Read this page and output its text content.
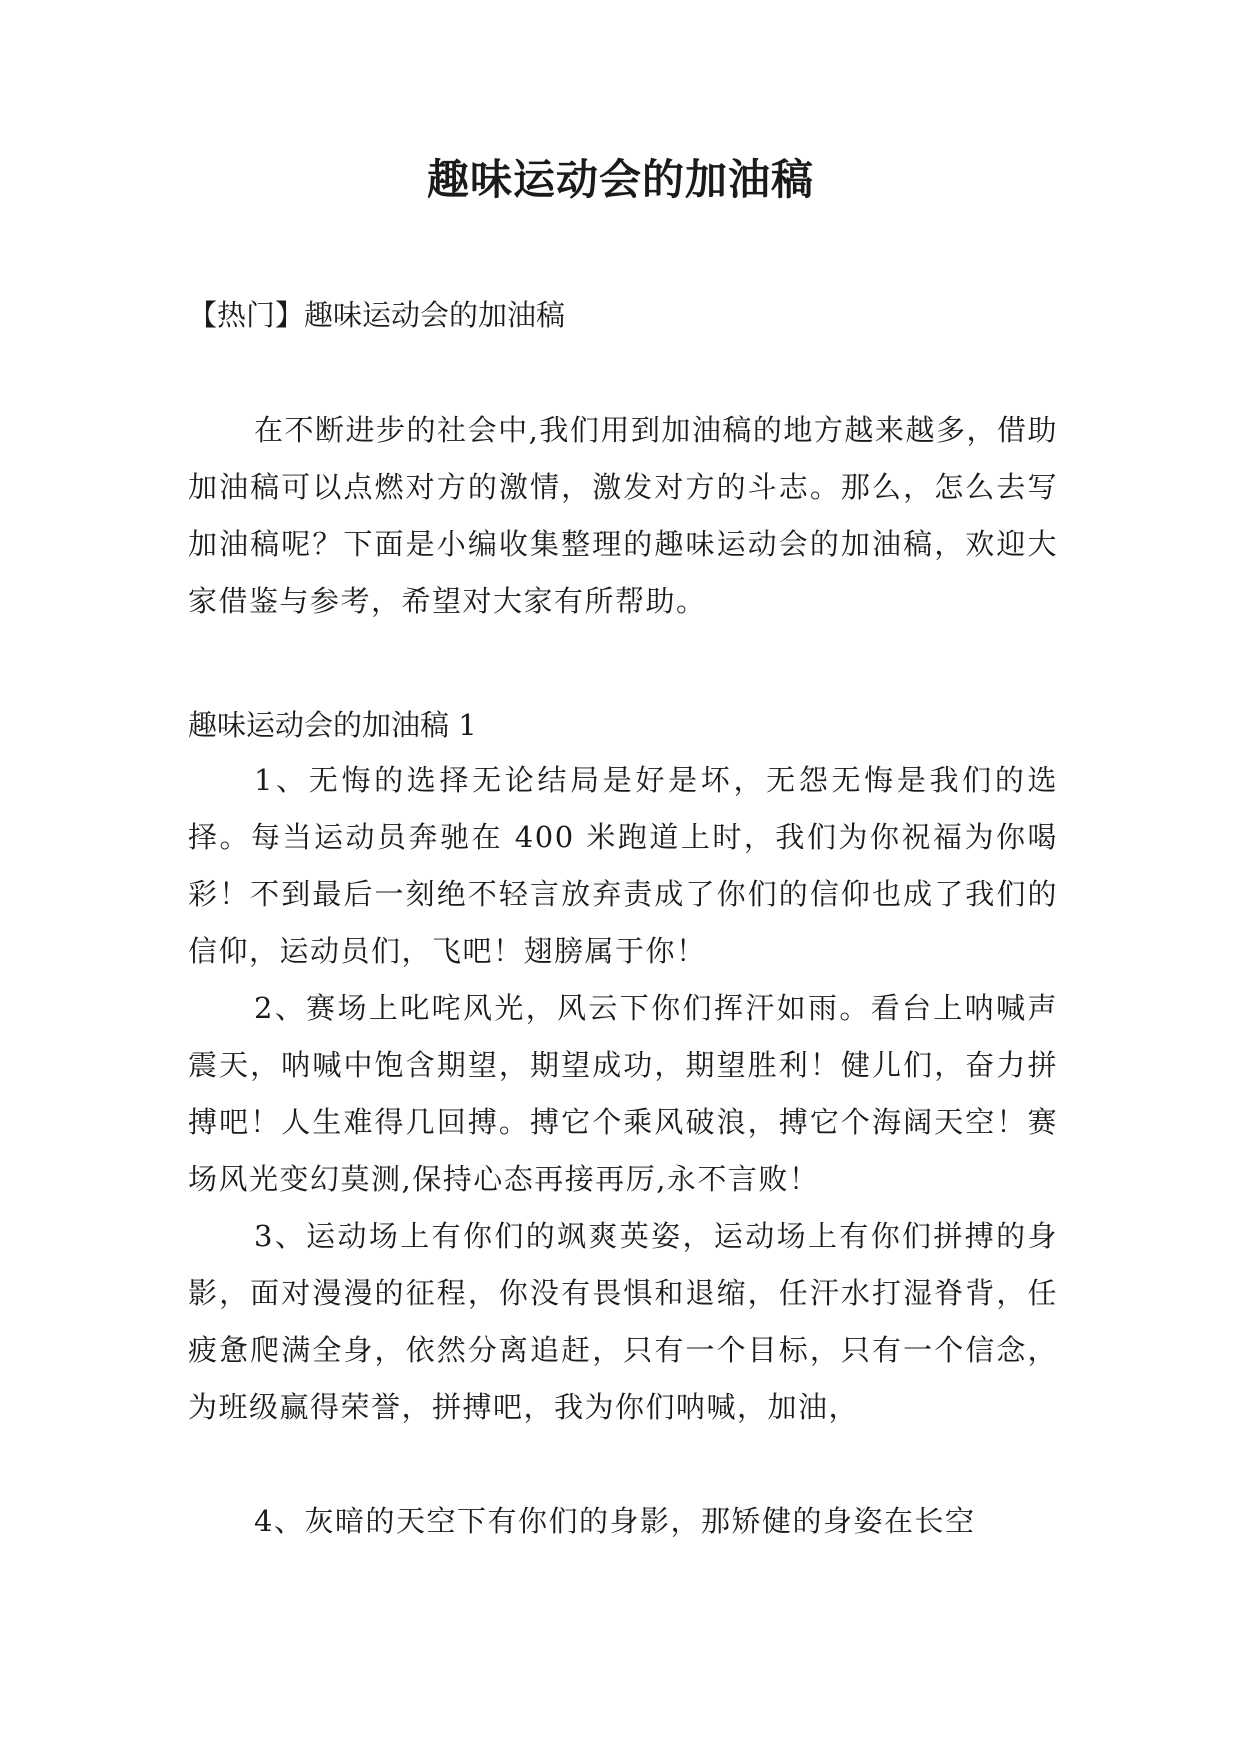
趣味运动会的加油稿

【热门】趣味运动会的加油稿

在不断进步的社会中,我们用到加油稿的地方越来越多，借助加油稿可以点燃对方的激情，激发对方的斗志。那么，怎么去写加油稿呢？下面是小编收集整理的趣味运动会的加油稿，欢迎大家借鉴与参考，希望对大家有所帮助。

趣味运动会的加油稿 1

1、无悔的选择无论结局是好是坏，无怨无悔是我们的选择。每当运动员奔驰在 400 米跑道上时，我们为你祝福为你喝彩！不到最后一刻绝不轻言放弃责成了你们的信仰也成了我们的信仰，运动员们，飞吧！翅膀属于你！

2、赛场上叱咤风光，风云下你们挥汗如雨。看台上呐喊声震天，呐喊中饱含期望，期望成功，期望胜利！健儿们，奋力拼搏吧！人生难得几回搏。搏它个乘风破浪，搏它个海阔天空！赛场风光变幻莫测,保持心态再接再厉,永不言败！

3、运动场上有你们的飒爽英姿，运动场上有你们拼搏的身影，面对漫漫的征程，你没有畏惧和退缩，任汗水打湿脊背，任疲惫爬满全身，依然分离追赶，只有一个目标，只有一个信念，为班级赢得荣誉，拼搏吧，我为你们呐喊，加油，

4、灰暗的天空下有你们的身影，那矫健的身姿在长空
